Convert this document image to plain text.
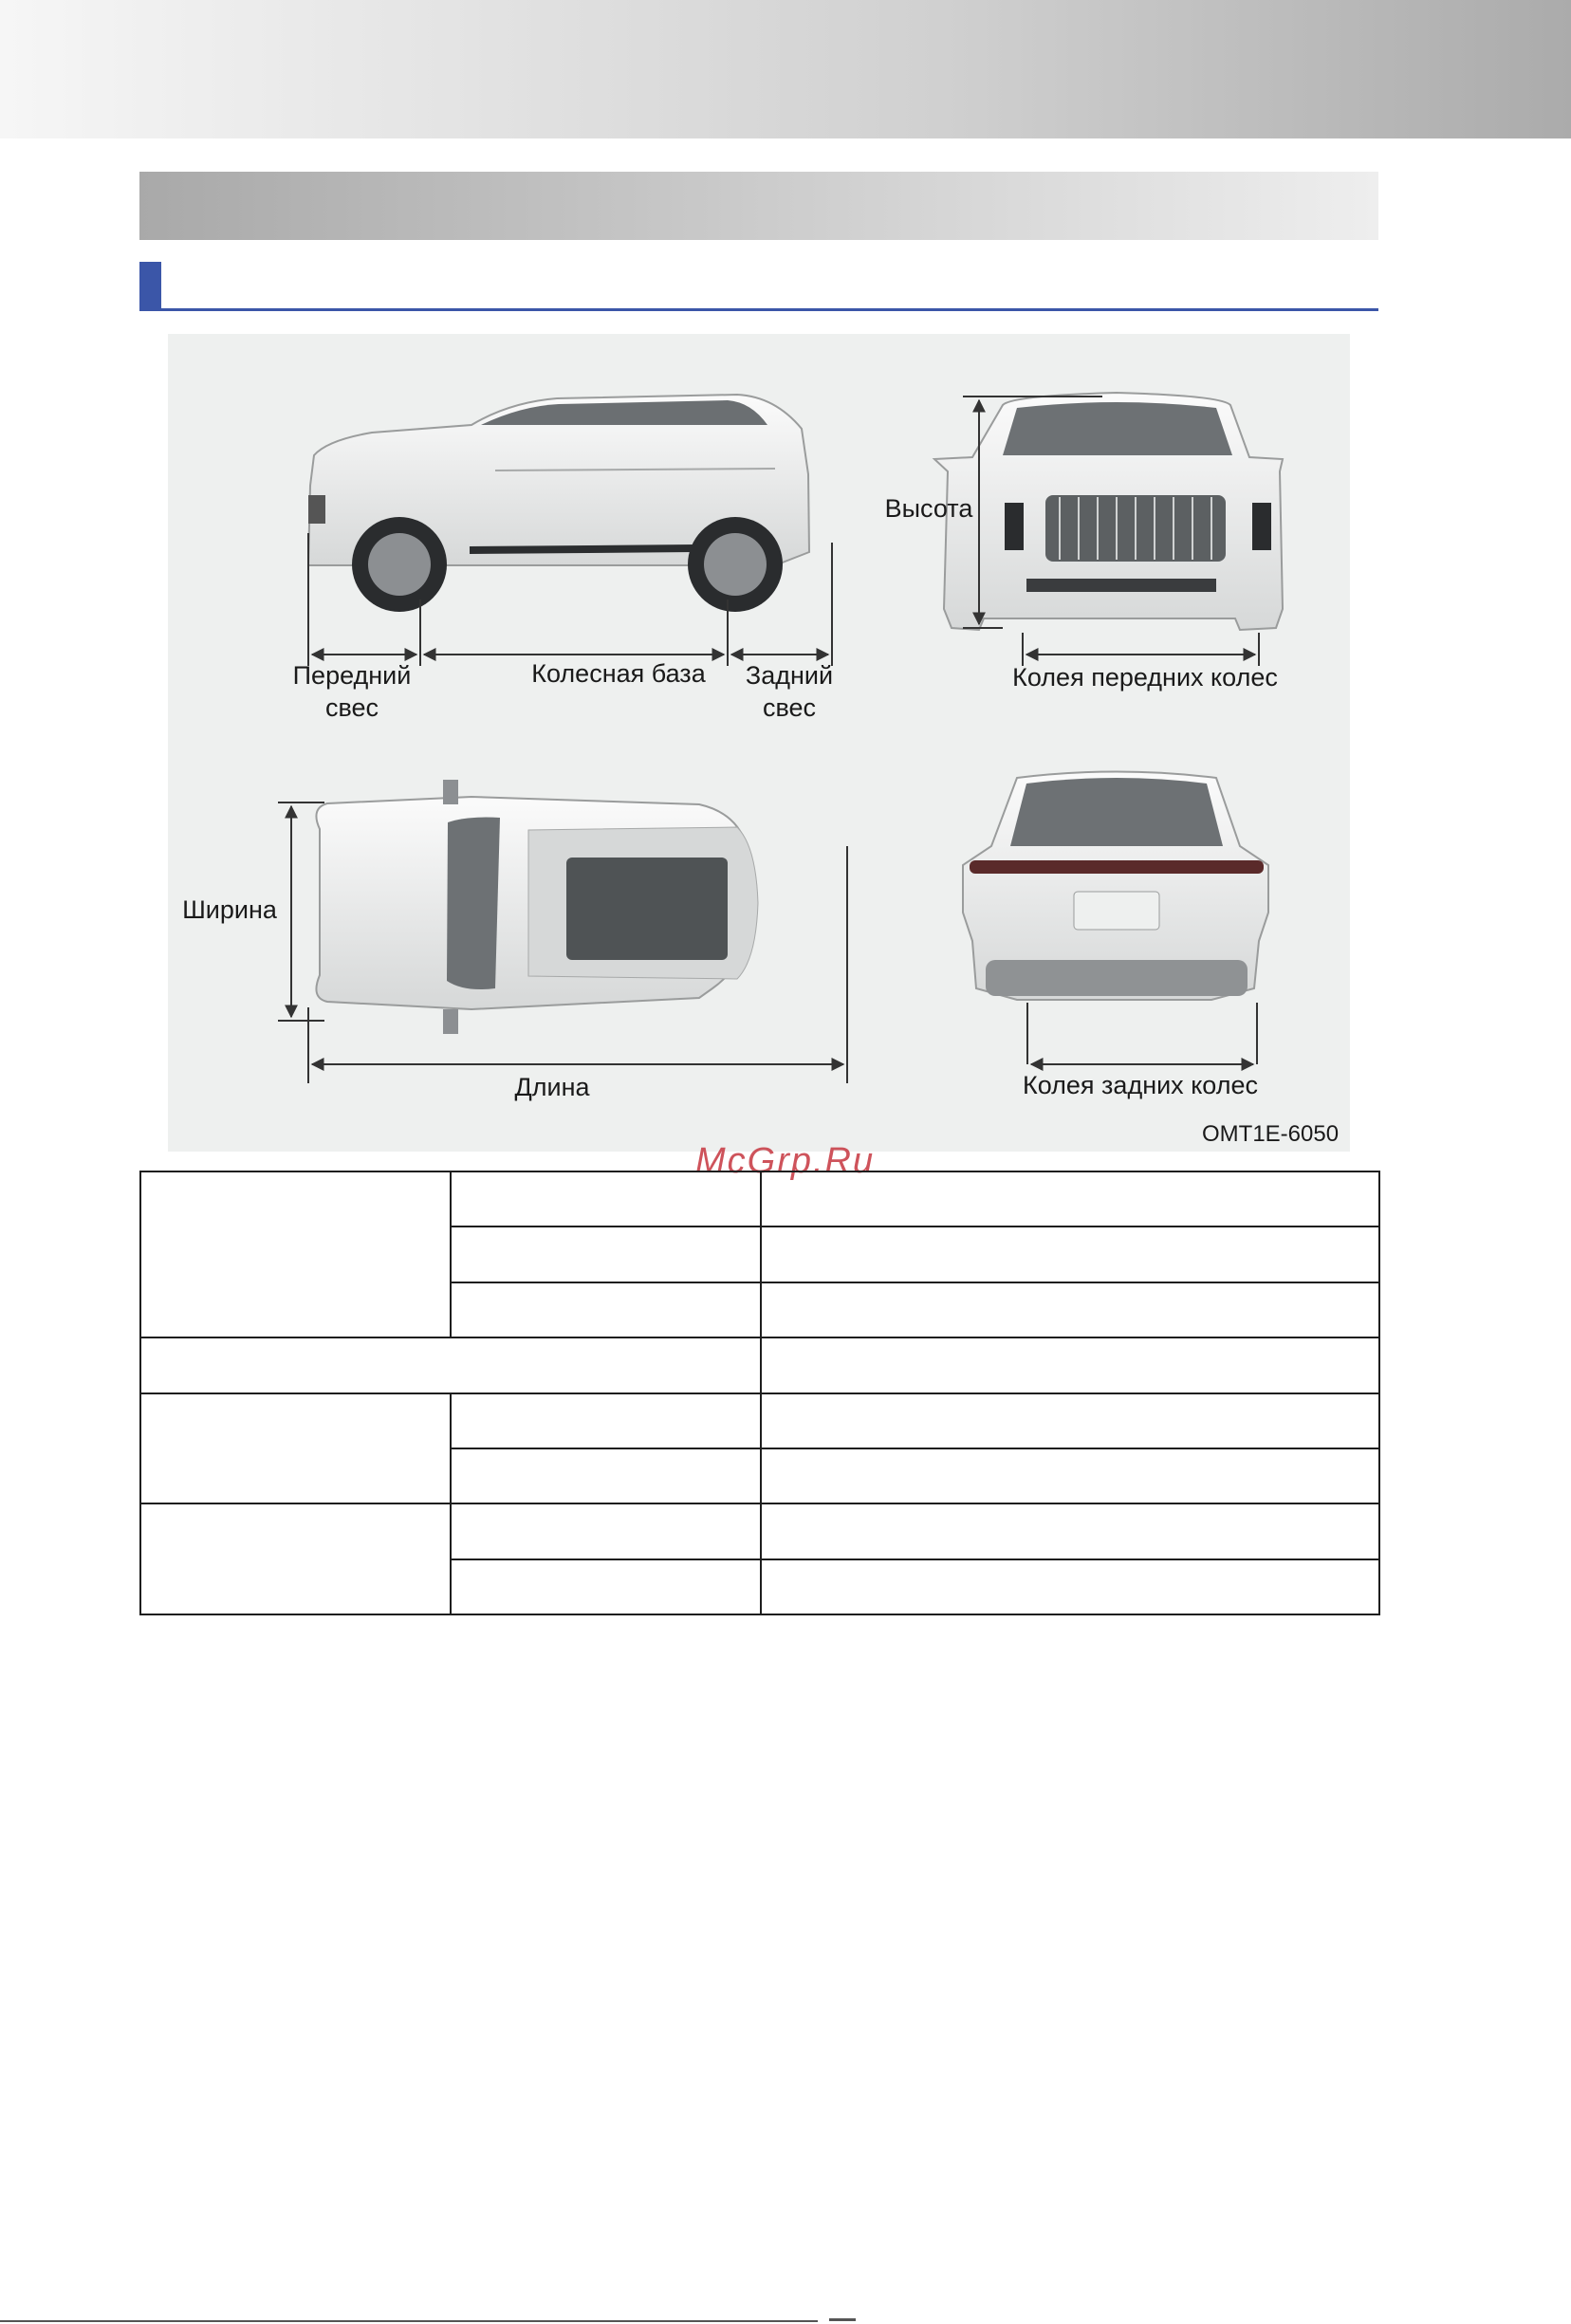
Передний
свес
Колесная база	Задний
свес
Высота
Колея передних колес
Ширина
Длина	Колея задних колес
OMT1E-6050
McGrp.Ru
